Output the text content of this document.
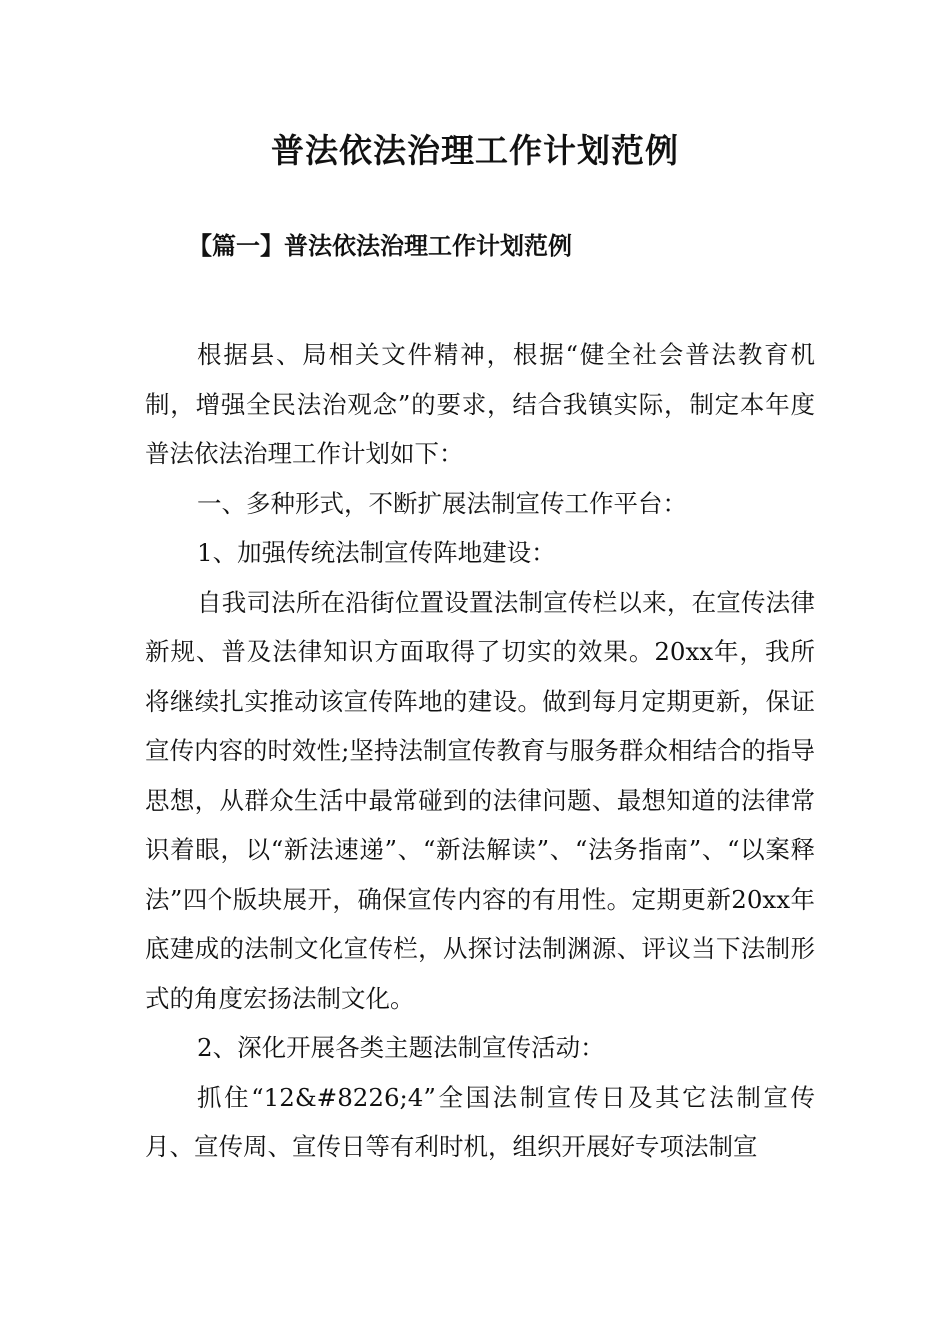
普法依法治理工作计划范例
【篇一】普法依法治理工作计划范例

根据县、局相关文件精神，根据“健全社会普法教育机制，增强全民法治观念”的要求，结合我镇实际，制定本年度普法依法治理工作计划如下：

一、多种形式，不断扩展法制宣传工作平台：

1、加强传统法制宣传阵地建设：

自我司法所在沿街位置设置法制宣传栏以来，在宣传法律新规、普及法律知识方面取得了切实的效果。20xx年，我所将继续扎实推动该宣传阵地的建设。做到每月定期更新，保证宣传内容的时效性;坚持法制宣传教育与服务群众相结合的指导思想，从群众生活中最常碰到的法律问题、最想知道的法律常识着眼，以“新法速递”、“新法解读”、“法务指南”、“以案释法”四个版块展开，确保宣传内容的有用性。定期更新20xx年底建成的法制文化宣传栏，从探讨法制渊源、评议当下法制形式的角度宏扬法制文化。

2、深化开展各类主题法制宣传活动：

抓住“12&#8226;4”全国法制宣传日及其它法制宣传月、宣传周、宣传日等有利时机，组织开展好专项法制宣
